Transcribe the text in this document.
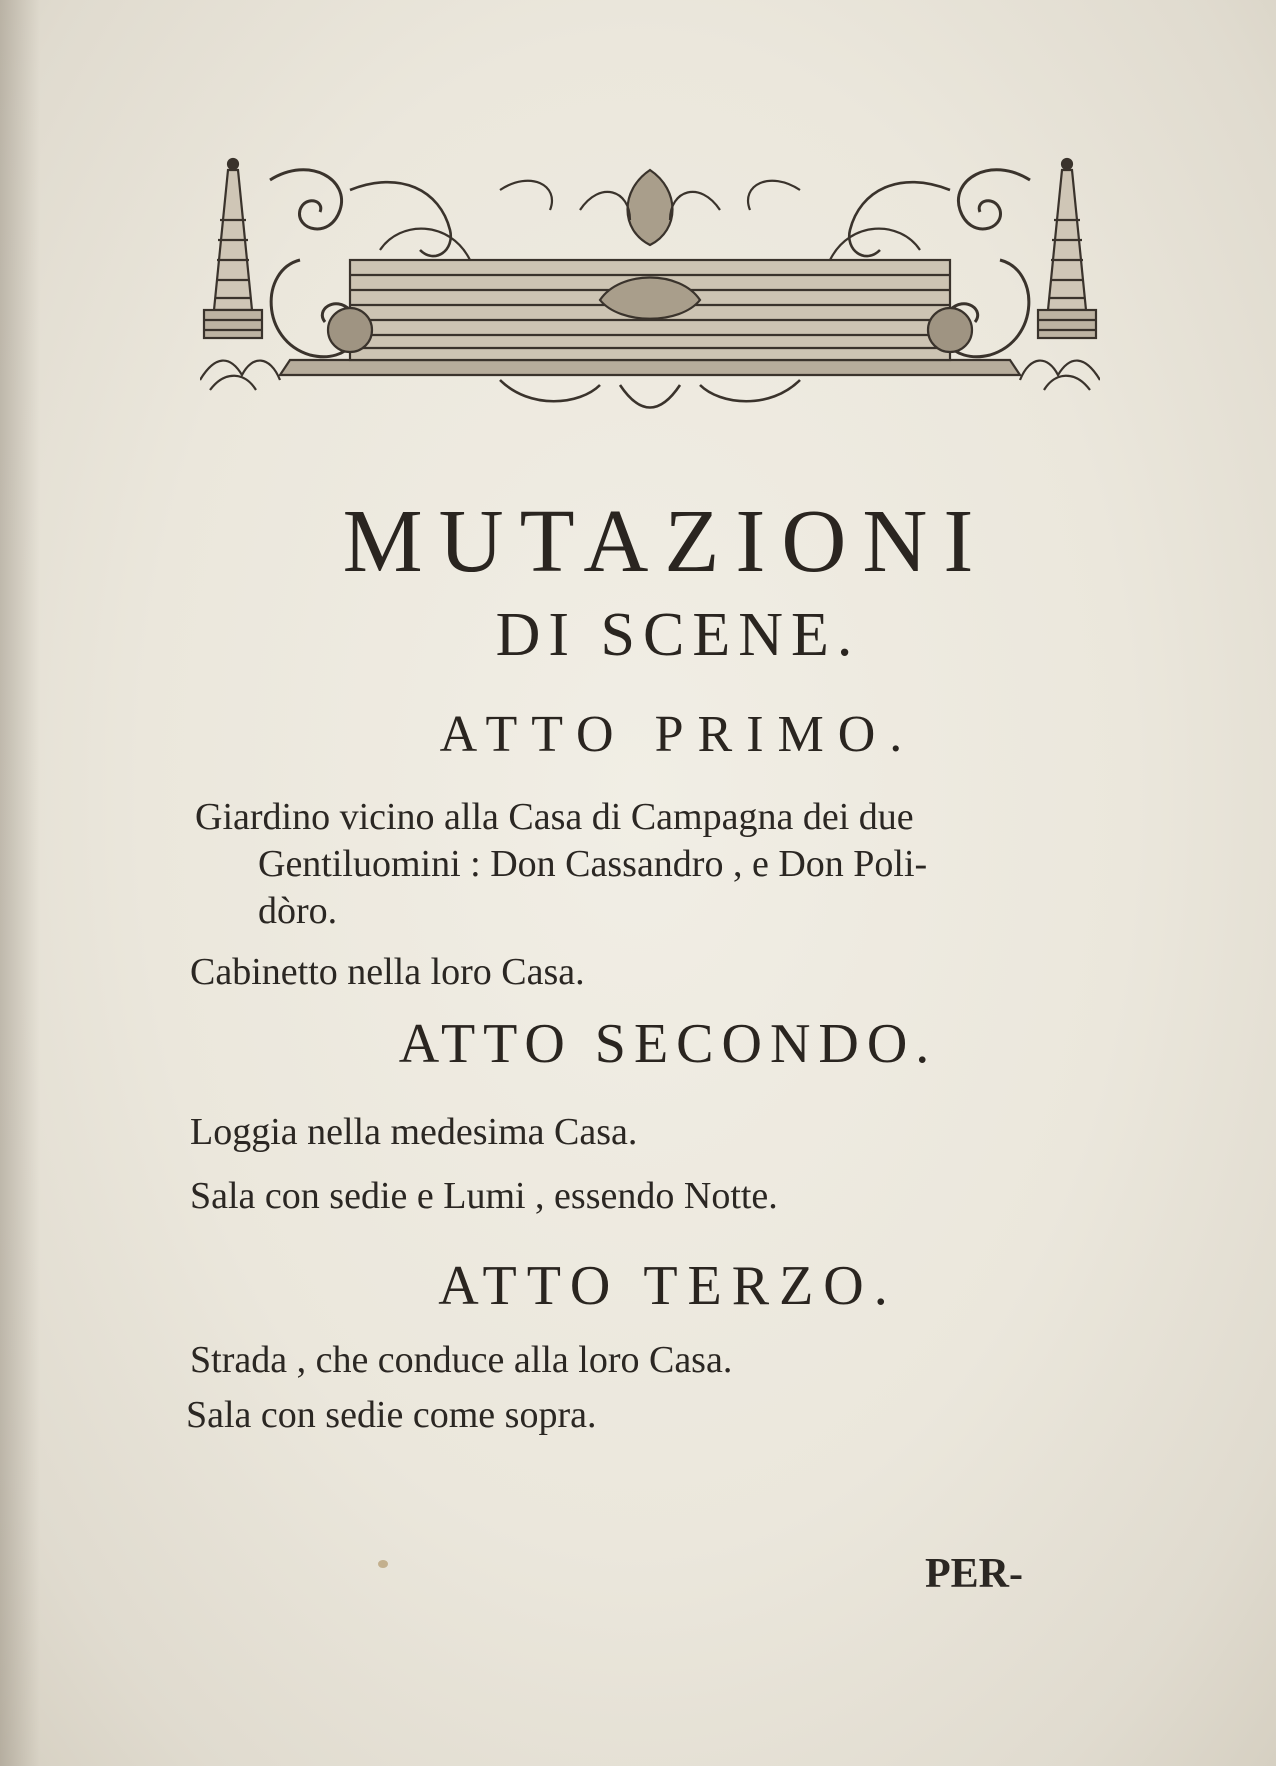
MUTAZIONI
DI SCENE.
ATTO PRIMO.

Giardino vicino alla Casa di Campagna dei due

Gentiluomini : Don Cassandro , e Don Poli-

dòro.

Cabinetto nella loro Casa.

ATTO SECONDO.

Loggia nella medesima Casa.

Sala con sedie e Lumi , essendo Notte.

ATTO TERZO.

Strada , che conduce alla loro Casa.

Sala con sedie come sopra.

PER-
